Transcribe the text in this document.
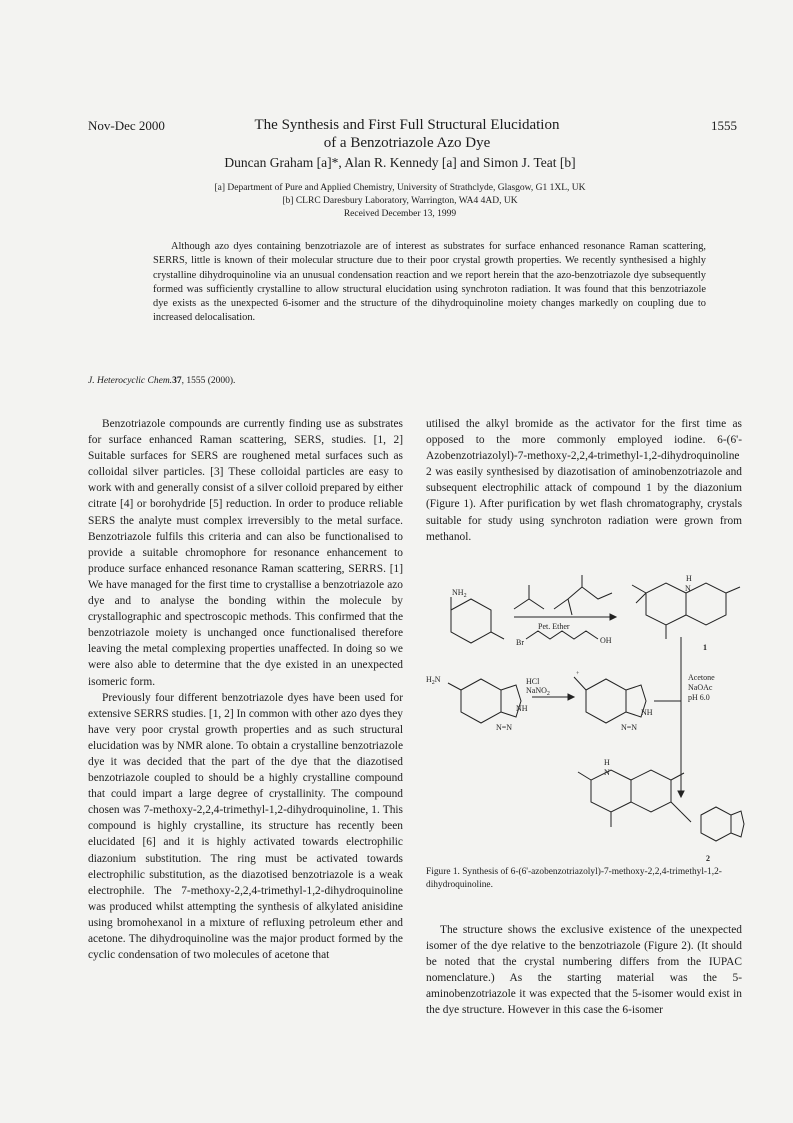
Nov-Dec 2000	1555
The Synthesis and First Full Structural Elucidation
of a Benzotriazole Azo Dye
Duncan Graham [a]*, Alan R. Kennedy [a] and Simon J. Teat [b]
[a] Department of Pure and Applied Chemistry, University of Strathclyde, Glasgow, G1 1XL, UK
[b] CLRC Daresbury Laboratory, Warrington, WA4 4AD, UK
Received December 13, 1999
Although azo dyes containing benzotriazole are of interest as substrates for surface enhanced resonance Raman scattering, SERRS, little is known of their molecular structure due to their poor crystal growth properties. We recently synthesised a highly crystalline dihydroquinoline via an unusual condensation reaction and we report herein that the azo-benzotriazole dye subsequently formed was sufficiently crystalline to allow structural elucidation using synchroton radiation. It was found that this benzotriazole dye exists as the unexpected 6-isomer and the structure of the dihydroquinoline moiety changes markedly on coupling due to increased delocalisation.
J. Heterocyclic Chem.37, 1555 (2000).

Benzotriazole compounds are currently finding use as substrates for surface enhanced Raman scattering, SERS, studies. [1, 2] Suitable surfaces for SERS are roughened metal surfaces such as colloidal silver particles. [3] These colloidal particles are easy to work with and generally consist of a silver colloid prepared by either citrate [4] or borohydride [5] reduction. In order to produce reliable SERS the analyte must complex irreversibly to the metal surface. Benzotriazole fulfils this criteria and can also be functionalised to provide a suitable chromophore for resonance enhancement to produce surface enhanced resonance Raman scattering, SERRS. [1] We have managed for the first time to crystallise a benzotriazole azo dye and to analyse the bonding within the molecule by crystallographic and spectroscopic methods. This confirmed that the benzotriazole moiety is unchanged once functionalised therefore leaving the metal complexing properties unaffected. In doing so we were also able to determine that the dye existed in an unexpected isomeric form.

Previously four different benzotriazole dyes have been used for extensive SERRS studies. [1, 2] In common with other azo dyes they have very poor crystal growth properties and as such structural elucidation was by NMR alone. To obtain a crystalline benzotriazole dye it was decided that the part of the dye that the diazotised benzotriazole coupled to should be a highly crystalline compound that could impart a large degree of crystallinity. The compound chosen was 7-methoxy-2,2,4-trimethyl-1,2-dihydroquinoline, 1. This compound is highly crystalline, its structure has recently been elucidated [6] and it is highly activated towards electrophilic diazonium substitution. The ring must be activated towards electrophilic substitution, as the diazotised benzotriazole is a weak electrophile. The 7-methoxy-2,2,4-trimethyl-1,2-dihydroquinoline was produced whilst attempting the synthesis of alkylated anisidine using bromohexanol in a mixture of refluxing petroleum ether and acetone. The dihydroquinoline was the major product formed by the cyclic condensation of two molecules of acetone that

utilised the alkyl bromide as the activator for the first time as opposed to the more commonly employed iodine. 6-(6'-Azobenzotriazolyl)-7-methoxy-2,2,4-trimethyl-1,2-dihydroquinoline 2 was easily synthesised by diazotisation of aminobenzotriazole and subsequent electrophilic attack of compound 1 by the diazonium (Figure 1). After purification by wet flash chromatography, crystals suitable for study using synchroton radiation were grown from methanol.

$NH_2$
Pet. Ether
Br	OH
H
N
1
$H_2N$	HCl
NaNO$_2$
NH
N=N
NH
N=N
+	Acetone
NaOAc
pH 6.0
H
N
2
Figure 1. Synthesis of 6-(6'-azobenzotriazolyl)-7-methoxy-2,2,4-trimethyl-1,2-dihydroquinoline.

The structure shows the exclusive existence of the unexpected isomer of the dye relative to the benzotriazole (Figure 2). (It should be noted that the crystal numbering differs from the IUPAC nomenclature.) As the starting material was the 5-aminobenzotriazole it was expected that the 5-isomer would exist in the dye structure. However in this case the 6-isomer
